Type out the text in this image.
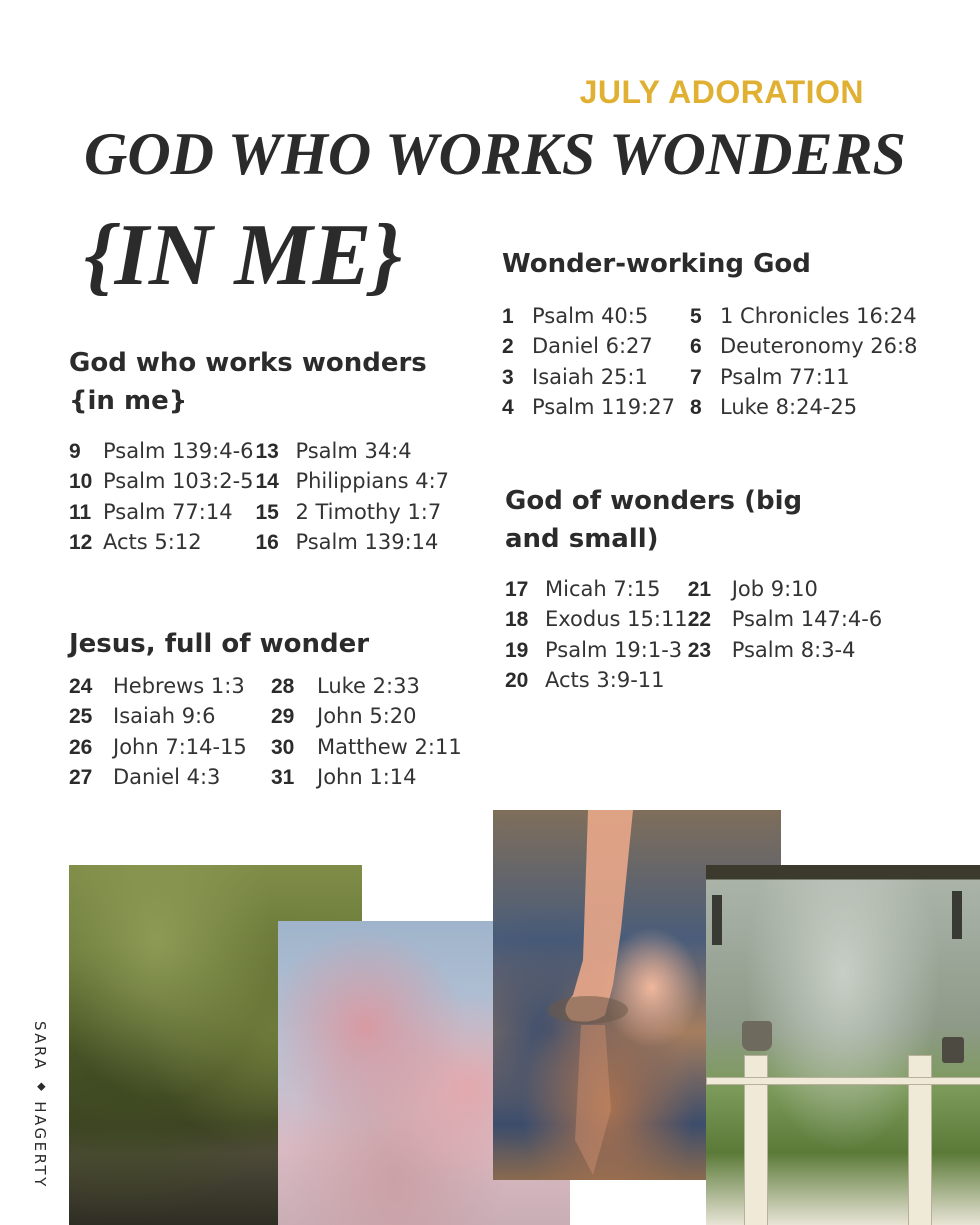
JULY ADORATION
GOD WHO WORKS WONDERS
{IN ME}	Wonder-working God
1 Psalm 40:5
2 Daniel 6:27
3 Isaiah 25:1
4 Psalm 119:27
5 1 Chronicles 16:24
6 Deuteronomy 26:8
7 Psalm 77:11
8 Luke 8:24-25
God who works wonders {in me}
9 Psalm 139:4-6
10 Psalm 103:2-5
11 Psalm 77:14
12 Acts 5:12
13 Psalm 34:4
14 Philippians 4:7
15 2 Timothy 1:7
16 Psalm 139:14
God of wonders (big and small)
17 Micah 7:15
18 Exodus 15:11
19 Psalm 19:1-3
20 Acts 3:9-11
21 Job 9:10
22 Psalm 147:4-6
23 Psalm 8:3-4
Jesus, full of wonder
24 Hebrews 1:3
25 Isaiah 9:6
26 John 7:14-15
27 Daniel 4:3
28 Luke 2:33
29 John 5:20
30 Matthew 2:11
31 John 1:14
SARA ◆ HAGERTY
